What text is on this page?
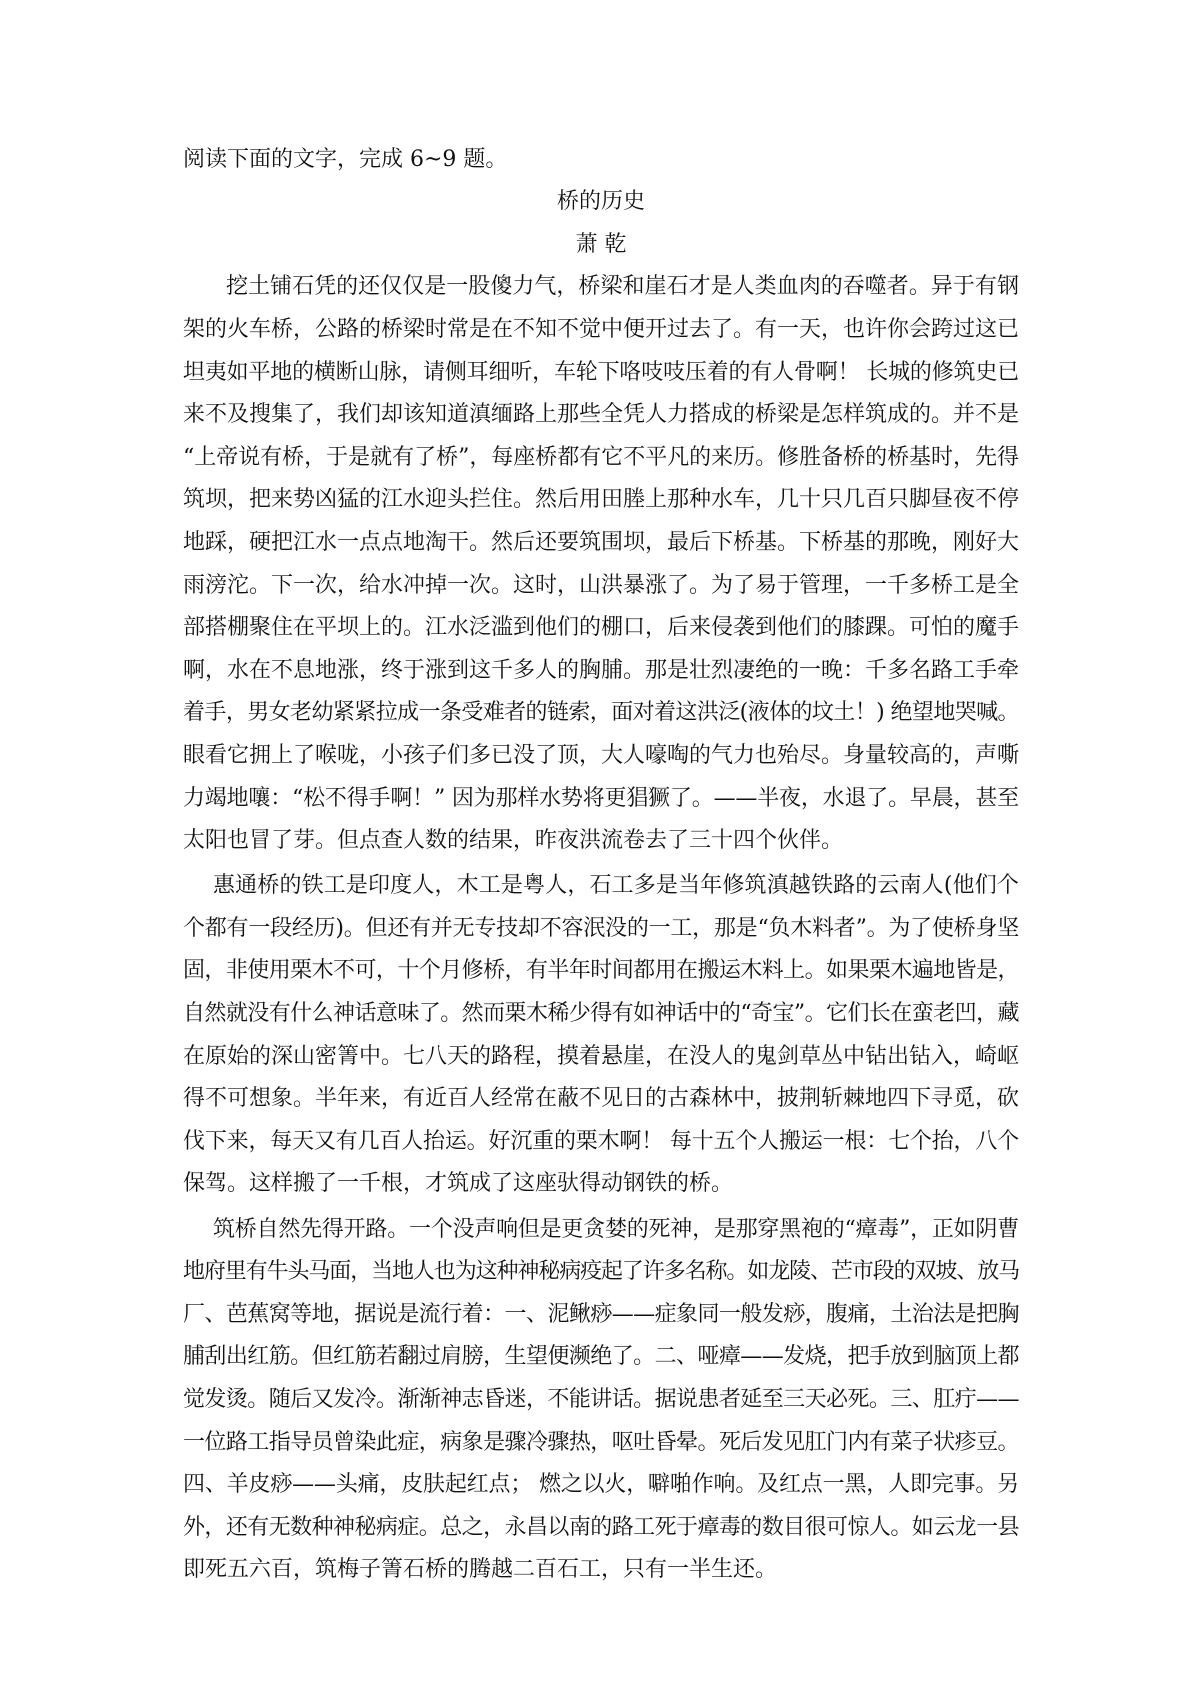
阅读下面的文字，完成 6~9 题。
桥的历史
萧 乾
挖土铺石凭的还仅仅是一股傻力气，桥梁和崖石才是人类血肉的吞噬者。异于有钢
架的火车桥，公路的桥梁时常是在不知不觉中便开过去了。有一天，也许你会跨过这已
坦夷如平地的横断山脉，请侧耳细听，车轮下咯吱吱压着的有人骨啊！ 长城的修筑史已
来不及搜集了，我们却该知道滇缅路上那些全凭人力搭成的桥梁是怎样筑成的。并不是
“上帝说有桥，于是就有了桥”，每座桥都有它不平凡的来历。修胜备桥的桥基时，先得
筑坝，把来势凶猛的江水迎头拦住。然后用田塍上那种水车，几十只几百只脚昼夜不停
地踩，硬把江水一点点地淘干。然后还要筑围坝，最后下桥基。下桥基的那晚，刚好大
雨滂沱。下一次，给水冲掉一次。这时，山洪暴涨了。为了易于管理，一千多桥工是全
部搭棚聚住在平坝上的。江水泛滥到他们的棚口，后来侵袭到他们的膝踝。可怕的魔手
啊，水在不息地涨，终于涨到这千多人的胸脯。那是壮烈凄绝的一晚：千多名路工手牵
着手，男女老幼紧紧拉成一条受难者的链索，面对着这洪泛(液体的坟土！) 绝望地哭喊。
眼看它拥上了喉咙，小孩子们多已没了顶，大人嚎啕的气力也殆尽。身量较高的，声嘶
力竭地嚷：“松不得手啊！” 因为那样水势将更猖獗了。——半夜，水退了。早晨，甚至
太阳也冒了芽。但点查人数的结果，昨夜洪流卷去了三十四个伙伴。
惠通桥的铁工是印度人，木工是粤人，石工多是当年修筑滇越铁路的云南人(他们个
个都有一段经历)。但还有并无专技却不容泯没的一工，那是“负木料者”。为了使桥身坚
固，非使用栗木不可，十个月修桥，有半年时间都用在搬运木料上。如果栗木遍地皆是，
自然就没有什么神话意味了。然而栗木稀少得有如神话中的“奇宝”。它们长在蛮老凹，藏
在原始的深山密箐中。七八天的路程，摸着悬崖，在没人的鬼剑草丛中钻出钻入，崎岖
得不可想象。半年来，有近百人经常在蔽不见日的古森林中，披荆斩棘地四下寻觅，砍
伐下来，每天又有几百人抬运。好沉重的栗木啊！ 每十五个人搬运一根：七个抬，八个
保驾。这样搬了一千根，才筑成了这座驮得动钢铁的桥。
筑桥自然先得开路。一个没声响但是更贪婪的死神，是那穿黑袍的“瘴毒”，正如阴曹
地府里有牛头马面，当地人也为这种神秘病疫起了许多名称。如龙陵、芒市段的双坡、放马
厂、芭蕉窝等地，据说是流行着：一、泥鳅痧——症象同一般发痧，腹痛，土治法是把胸
脯刮出红筋。但红筋若翻过肩膀，生望便濒绝了。二、哑瘴——发烧，把手放到脑顶上都
觉发烫。随后又发冷。渐渐神志昏迷，不能讲话。据说患者延至三天必死。三、肛疔——
一位路工指导员曾染此症，病象是骤冷骤热，呕吐昏晕。死后发见肛门内有菜子状疹豆。
四、羊皮痧——头痛，皮肤起红点； 燃之以火，噼啪作响。及红点一黑，人即完事。另
外，还有无数种神秘病症。总之，永昌以南的路工死于瘴毒的数目很可惊人。如云龙一县
即死五六百，筑梅子箐石桥的腾越二百石工，只有一半生还。
